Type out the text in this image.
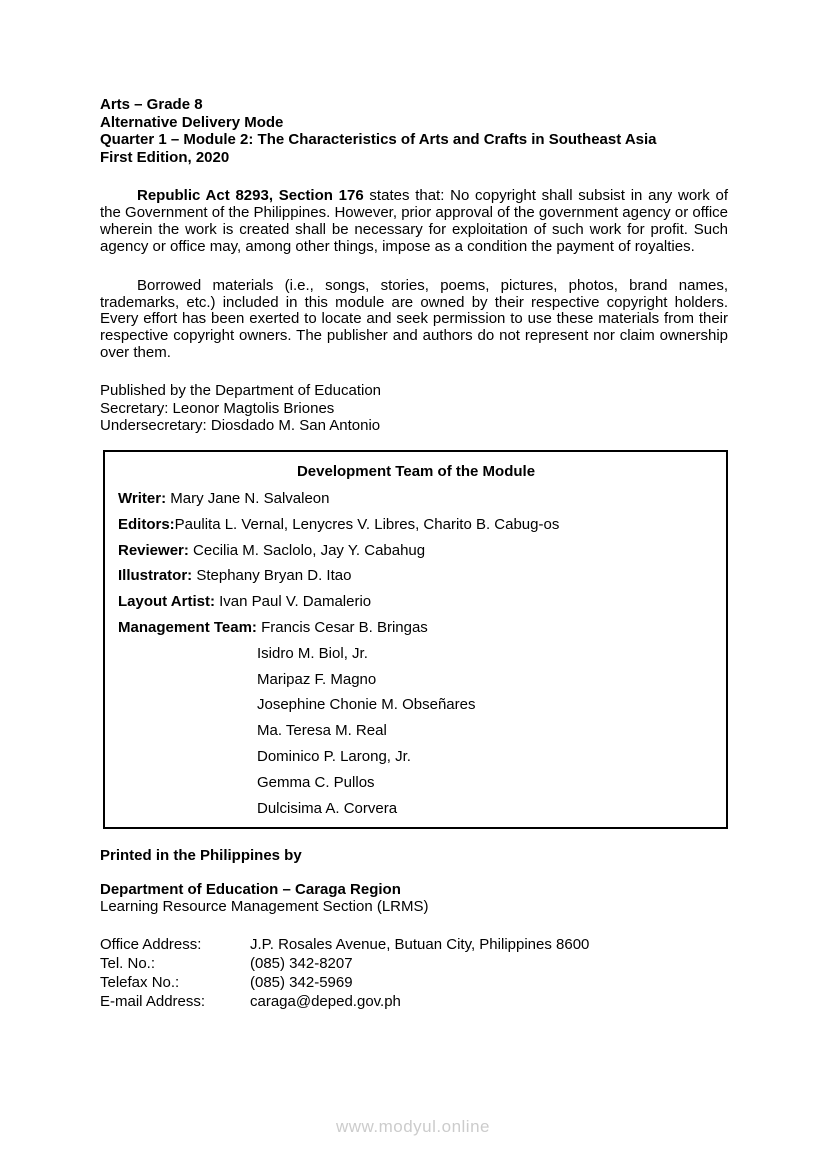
Arts – Grade 8
Alternative Delivery Mode
Quarter 1 – Module 2: The Characteristics of Arts and Crafts in Southeast Asia
First Edition, 2020

Republic Act 8293, Section 176 states that: No copyright shall subsist in any work of the Government of the Philippines. However, prior approval of the government agency or office wherein the work is created shall be necessary for exploitation of such work for profit. Such agency or office may, among other things, impose as a condition the payment of royalties.

Borrowed materials (i.e., songs, stories, poems, pictures, photos, brand names, trademarks, etc.) included in this module are owned by their respective copyright holders. Every effort has been exerted to locate and seek permission to use these materials from their respective copyright owners. The publisher and authors do not represent nor claim ownership over them.

Published by the Department of Education
Secretary: Leonor Magtolis Briones
Undersecretary: Diosdado M. San Antonio
Development Team of the Module
Writer: Mary Jane N. Salvaleon
Editors:Paulita L. Vernal, Lenycres V. Libres, Charito B. Cabug-os
Reviewer: Cecilia M. Saclolo, Jay Y. Cabahug
Illustrator: Stephany Bryan D. Itao
Layout Artist: Ivan Paul V. Damalerio
Management Team: Francis Cesar B. Bringas
Isidro M. Biol, Jr.
Maripaz F. Magno
Josephine Chonie M. Obseñares
Ma. Teresa M. Real
Dominico P. Larong, Jr.
Gemma C. Pullos
Dulcisima A. Corvera
Printed in the Philippines by
Department of Education – Caraga Region
Learning Resource Management Section (LRMS)
Office Address:	J.P. Rosales Avenue, Butuan City, Philippines 8600
Tel. No.:	(085) 342-8207
Telefax No.:	(085) 342-5969
E-mail Address:	caraga@deped.gov.ph
www.modyul.online
